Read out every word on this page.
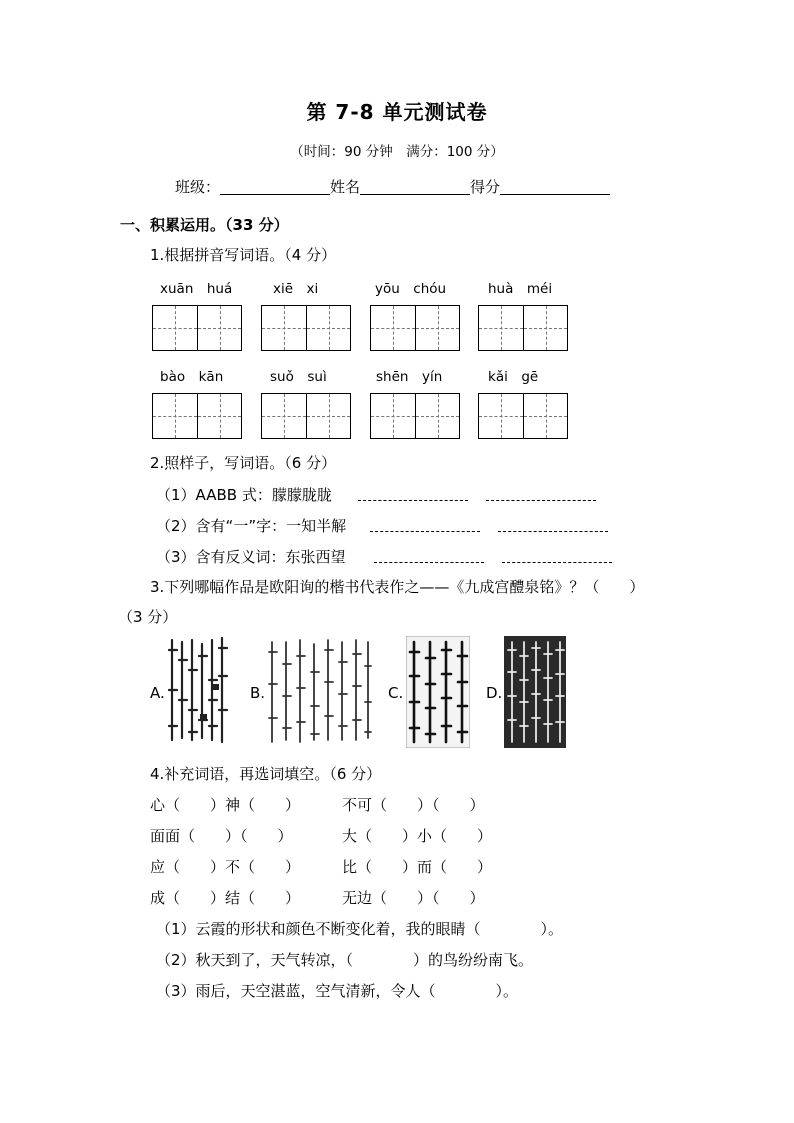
第 7-8 单元测试卷
（时间：90 分钟　满分：100 分）
班级：	姓名	得分
一、积累运用。（33 分）
1.根据拼音写词语。（4 分）
xuān　huá	xiē　xi	yōu　chóu	huà　méi
bào　kān	suǒ　suì	shēn　yín	kǎi　gē
2.照样子，写词语。（6 分）
（1）AABB 式：朦朦胧胧
（2）含有“一”字：一知半解
（3）含有反义词：东张西望
3.下列哪幅作品是欧阳询的楷书代表作之——《九成宫醴泉铭》？（　　）
（3 分）
A.	B.	C.	D.
4.补充词语，再选词填空。（6 分）
心（　　）神（　　）	不可（　　）（　　）
面面（　　）（　　）	大（　　）小（　　）
应（　　）不（　　）	比（　　）而（　　）
成（　　）结（　　）	无边（　　）（　　）
（1）云霞的形状和颜色不断变化着，我的眼睛（　　　　）。
（2）秋天到了，天气转凉，（　　　　）的鸟纷纷南飞。
（3）雨后，天空湛蓝，空气清新，令人（　　　　）。
